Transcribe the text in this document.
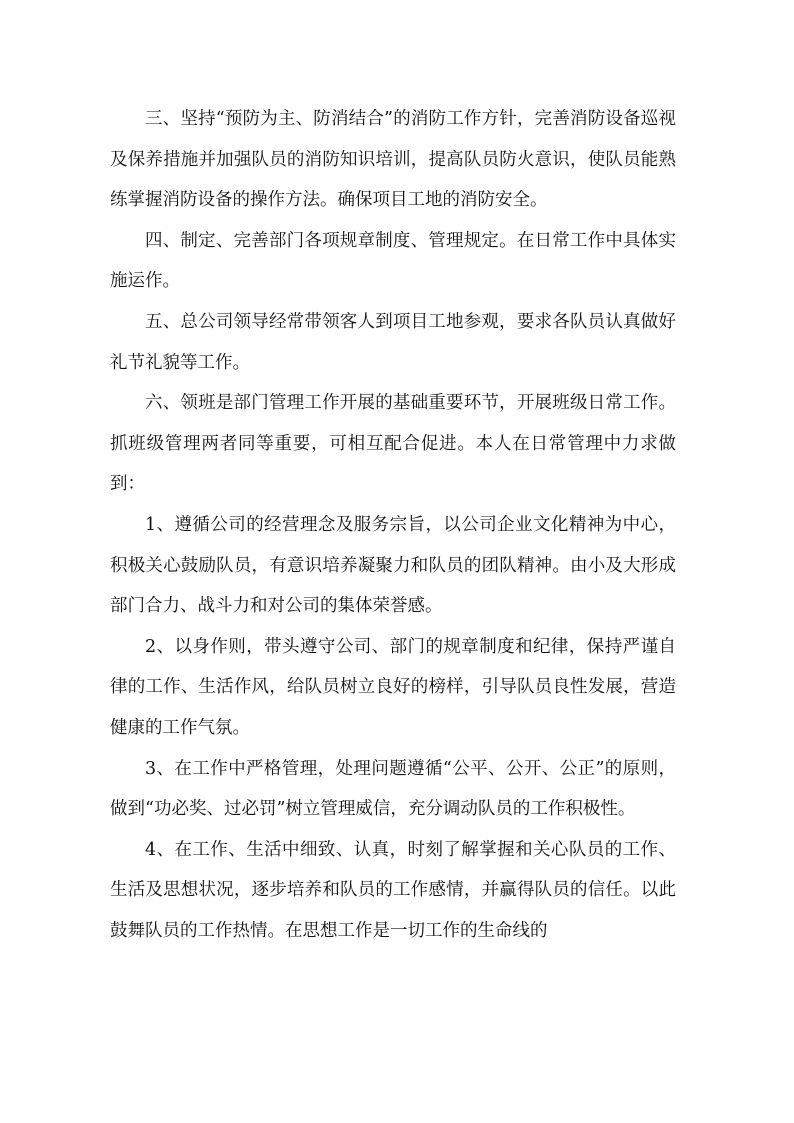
三、坚持“预防为主、防消结合”的消防工作方针，完善消防设备巡视及保养措施并加强队员的消防知识培训，提高队员防火意识，使队员能熟练掌握消防设备的操作方法。确保项目工地的消防安全。

四、制定、完善部门各项规章制度、管理规定。在日常工作中具体实施运作。

五、总公司领导经常带领客人到项目工地参观，要求各队员认真做好礼节礼貌等工作。

六、领班是部门管理工作开展的基础重要环节，开展班级日常工作。抓班级管理两者同等重要，可相互配合促进。本人在日常管理中力求做到：

1、遵循公司的经营理念及服务宗旨，以公司企业文化精神为中心，积极关心鼓励队员，有意识培养凝聚力和队员的团队精神。由小及大形成部门合力、战斗力和对公司的集体荣誉感。

2、以身作则，带头遵守公司、部门的规章制度和纪律，保持严谨自律的工作、生活作风，给队员树立良好的榜样，引导队员良性发展，营造健康的工作气氛。

3、在工作中严格管理，处理问题遵循“公平、公开、公正”的原则，做到“功必奖、过必罚”树立管理威信，充分调动队员的工作积极性。

4、在工作、生活中细致、认真，时刻了解掌握和关心队员的工作、生活及思想状况，逐步培养和队员的工作感情，并赢得队员的信任。以此鼓舞队员的工作热情。在思想工作是一切工作的生命线的
